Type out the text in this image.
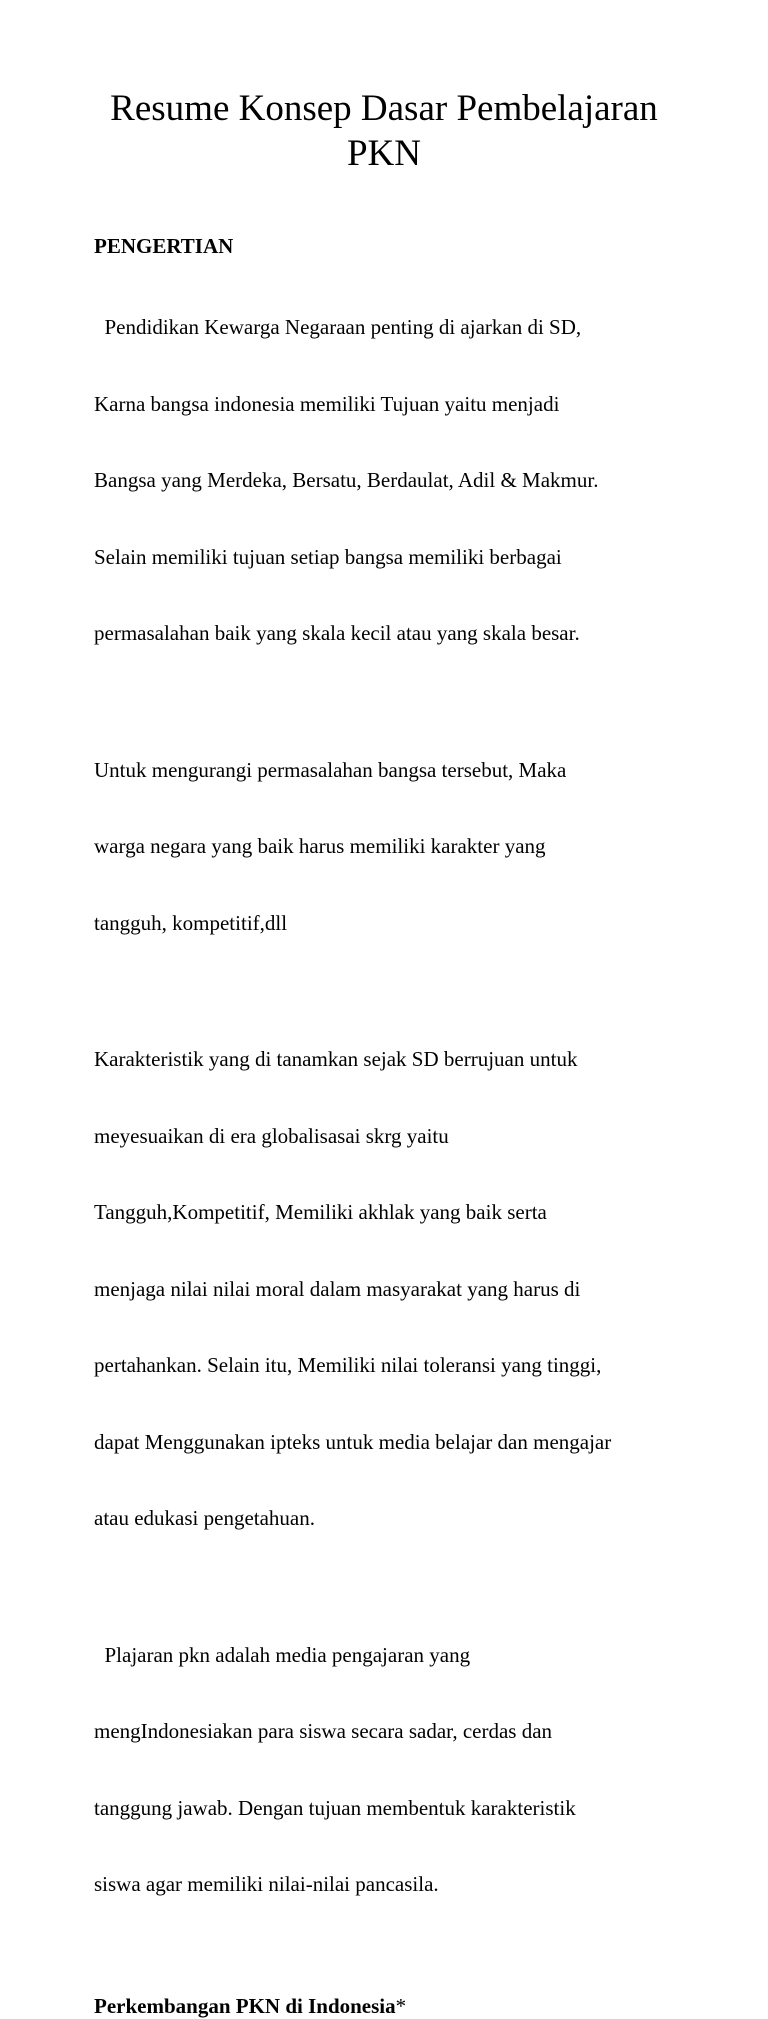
Resume Konsep Dasar Pembelajaran
PKN
PENGERTIAN

Pendidikan Kewarga Negaraan penting di ajarkan di SD,

Karna bangsa indonesia memiliki Tujuan yaitu menjadi

Bangsa yang Merdeka, Bersatu, Berdaulat, Adil & Makmur.

Selain memiliki tujuan setiap bangsa memiliki berbagai

permasalahan baik yang skala kecil atau yang skala besar.

Untuk mengurangi permasalahan bangsa tersebut, Maka

warga negara yang baik harus memiliki karakter yang

tangguh, kompetitif,dll

Karakteristik yang di tanamkan sejak SD berrujuan untuk

meyesuaikan di era globalisasai skrg yaitu

Tangguh,Kompetitif, Memiliki akhlak yang baik serta

menjaga nilai nilai moral dalam masyarakat yang harus di

pertahankan. Selain itu, Memiliki nilai toleransi yang tinggi,

dapat Menggunakan ipteks untuk media belajar dan mengajar

atau edukasi pengetahuan.

Plajaran pkn adalah media pengajaran yang

mengIndonesiakan para siswa secara sadar, cerdas dan

tanggung jawab. Dengan tujuan membentuk karakteristik

siswa agar memiliki nilai-nilai pancasila.

Perkembangan PKN di Indonesia*
